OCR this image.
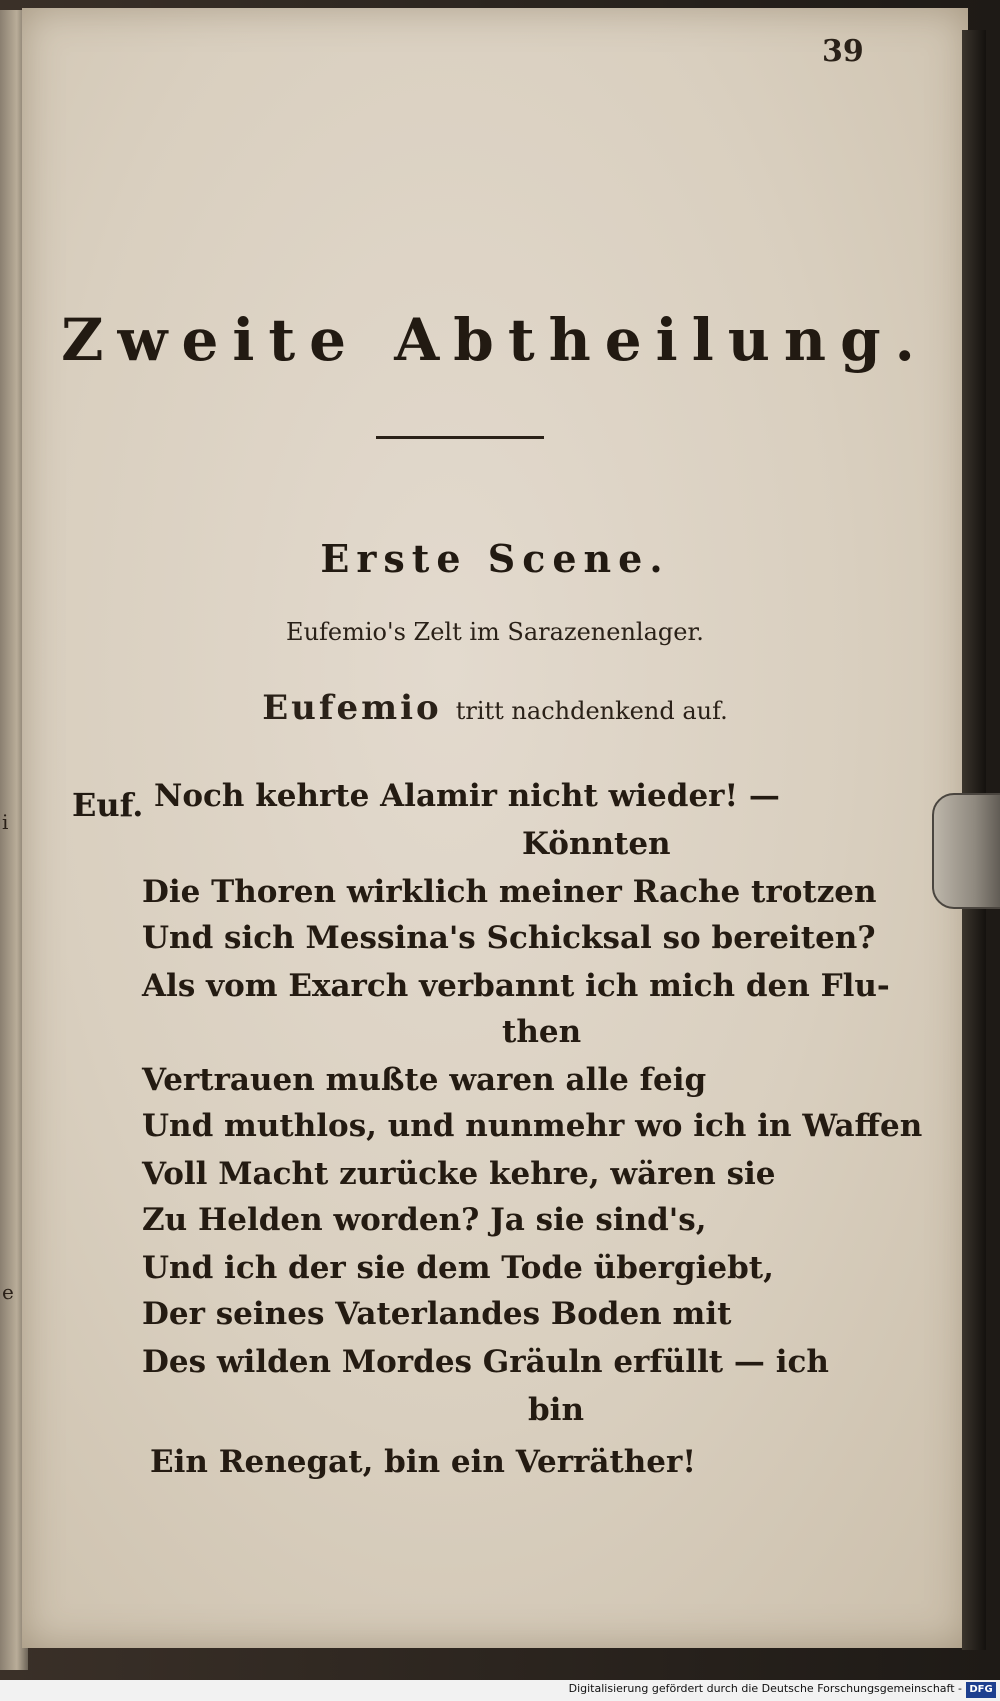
i
e
39
Zweite Abtheilung.
Erste Scene.
Eufemio's Zelt im Sarazenenlager.
Eufemio tritt nachdenkend auf.
Euf. Noch kehrte Alamir nicht wieder! —
Könnten
Die Thoren wirklich meiner Rache trotzen
Und sich Messina's Schicksal so bereiten?
Als vom Exarch verbannt ich mich den Flu-
then
Vertrauen mußte waren alle feig
Und muthlos, und nunmehr wo ich in Waffen
Voll Macht zurücke kehre, wären sie
Zu Helden worden? Ja sie sind's,
Und ich der sie dem Tode übergiebt,
Der seines Vaterlandes Boden mit
Des wilden Mordes Gräuln erfüllt — ich
bin
Ein Renegat, bin ein Verräther!
Digitalisierung gefördert durch die Deutsche Forschungsgemeinschaft - DFG
